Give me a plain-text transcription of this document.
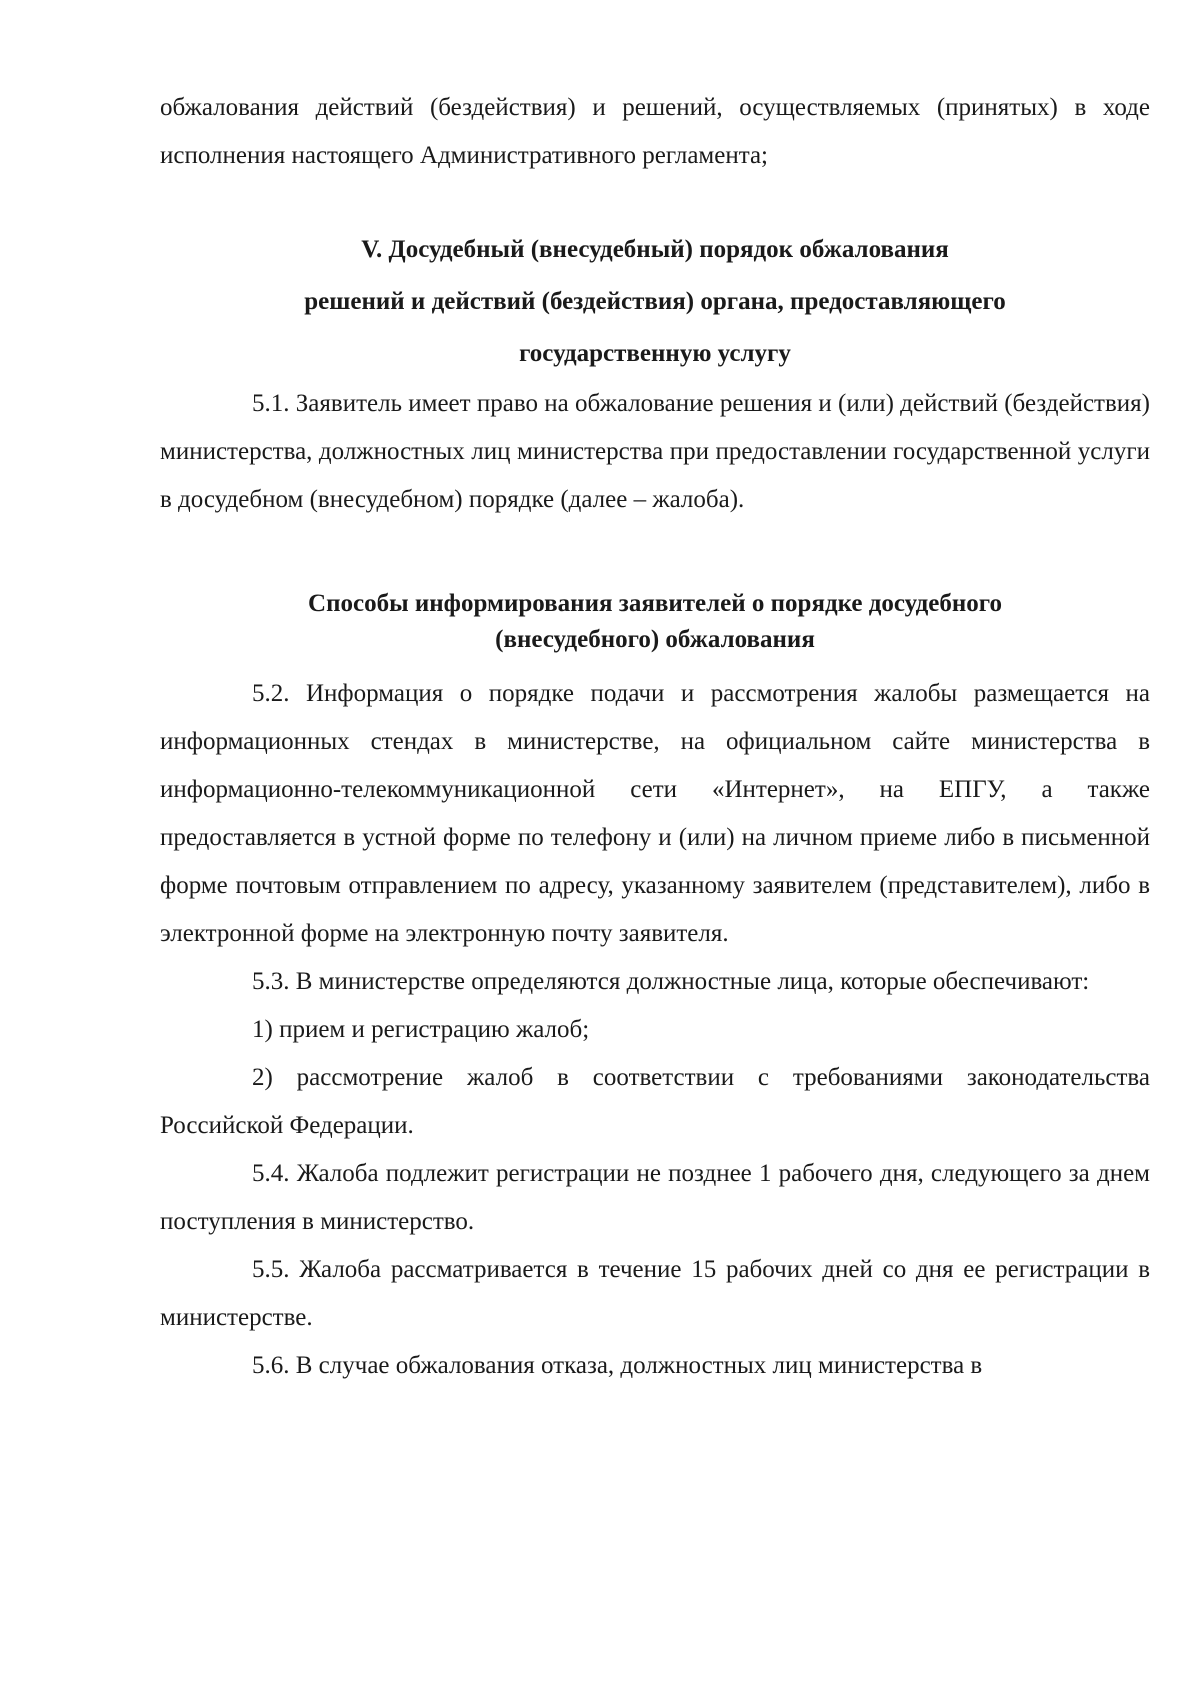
обжалования действий (бездействия) и решений, осуществляемых (принятых) в ходе исполнения настоящего Административного регламента;

V. Досудебный (внесудебный) порядок обжалования

решений и действий (бездействия) органа, предоставляющего

государственную услугу

5.1. Заявитель имеет право на обжалование решения и (или) действий (бездействия) министерства, должностных лиц министерства при предоставлении государственной услуги в досудебном (внесудебном) порядке (далее – жалоба).

Способы информирования заявителей о порядке досудебного

(внесудебного) обжалования

5.2. Информация о порядке подачи и рассмотрения жалобы размещается на информационных стендах в министерстве, на официальном сайте министерства в информационно-телекоммуникационной сети «Интернет», на ЕПГУ, а также предоставляется в устной форме по телефону и (или) на личном приеме либо в письменной форме почтовым отправлением по адресу, указанному заявителем (представителем), либо в электронной форме на электронную почту заявителя.

5.3. В министерстве определяются должностные лица, которые обеспечивают:

1) прием и регистрацию жалоб;

2) рассмотрение жалоб в соответствии с требованиями законодательства Российской Федерации.

5.4. Жалоба подлежит регистрации не позднее 1 рабочего дня, следующего за днем поступления в министерство.

5.5. Жалоба рассматривается в течение 15 рабочих дней со дня ее регистрации в министерстве.

5.6. В случае обжалования отказа, должностных лиц министерства в
